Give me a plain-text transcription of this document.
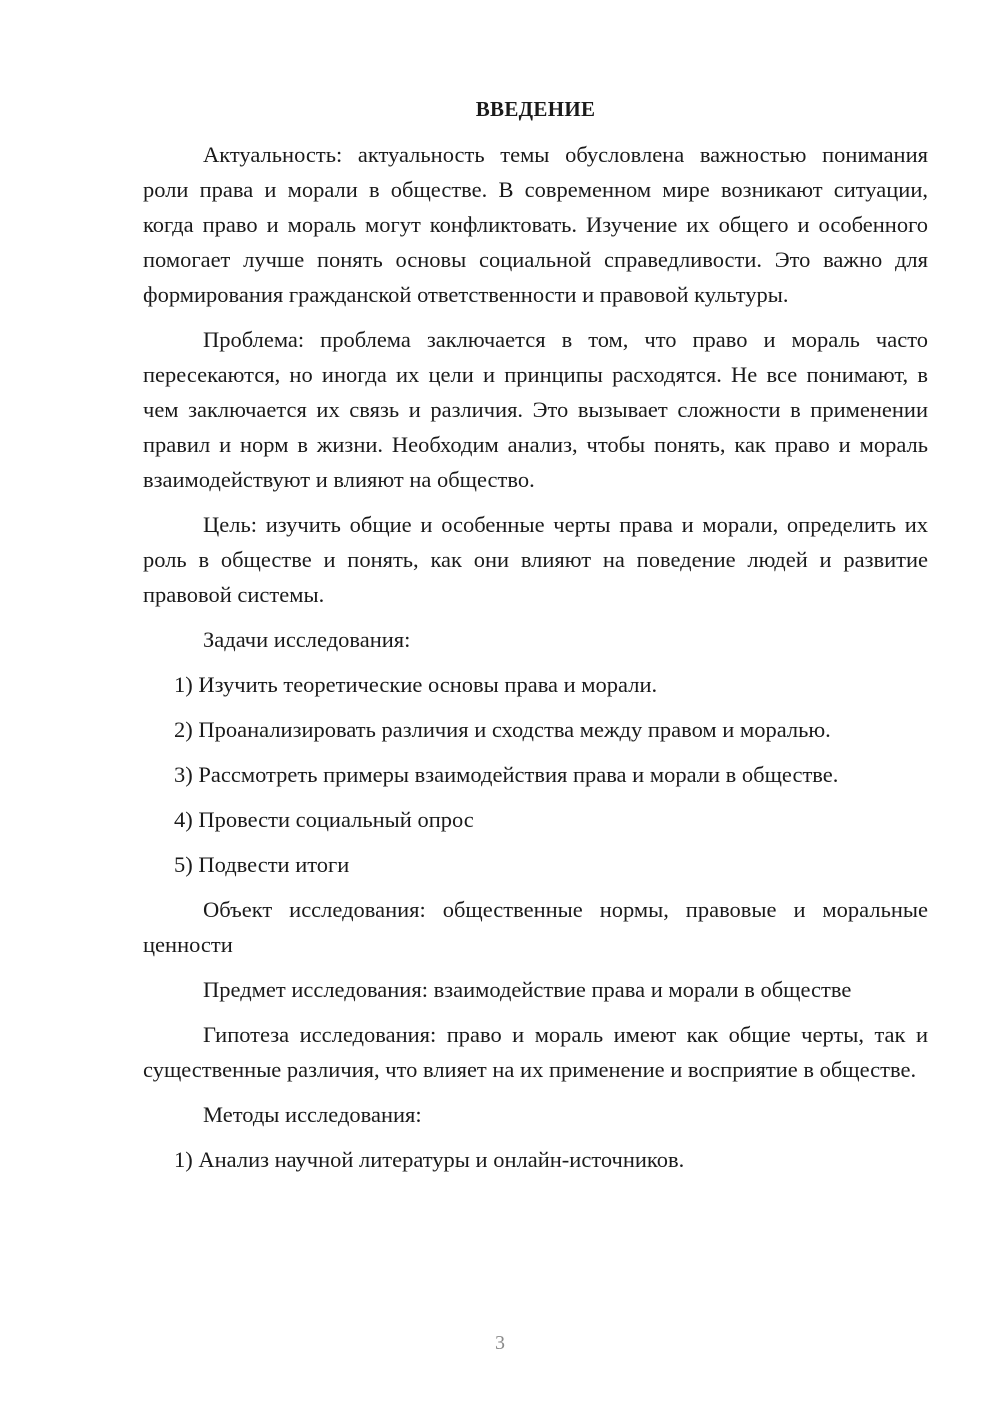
ВВЕДЕНИЕ

Актуальность: актуальность темы обусловлена важностью понимания роли права и морали в обществе. В современном мире возникают ситуации, когда право и мораль могут конфликтовать. Изучение их общего и особенного помогает лучше понять основы социальной справедливости. Это важно для формирования гражданской ответственности и правовой культуры.

Проблема: проблема заключается в том, что право и мораль часто пересекаются, но иногда их цели и принципы расходятся. Не все понимают, в чем заключается их связь и различия. Это вызывает сложности в применении правил и норм в жизни. Необходим анализ, чтобы понять, как право и мораль взаимодействуют и влияют на общество.

Цель: изучить общие и особенные черты права и морали, определить их роль в обществе и понять, как они влияют на поведение людей и развитие правовой системы.

Задачи исследования:

1) Изучить теоретические основы права и морали.

2) Проанализировать различия и сходства между правом и моралью.

3) Рассмотреть примеры взаимодействия права и морали в обществе.

4) Провести социальный опрос

5) Подвести итоги

Объект исследования: общественные нормы, правовые и моральные ценности

Предмет исследования: взаимодействие права и морали в обществе

Гипотеза исследования: право и мораль имеют как общие черты, так и существенные различия, что влияет на их применение и восприятие в обществе.

Методы исследования:

1) Анализ научной литературы и онлайн-источников.

3
